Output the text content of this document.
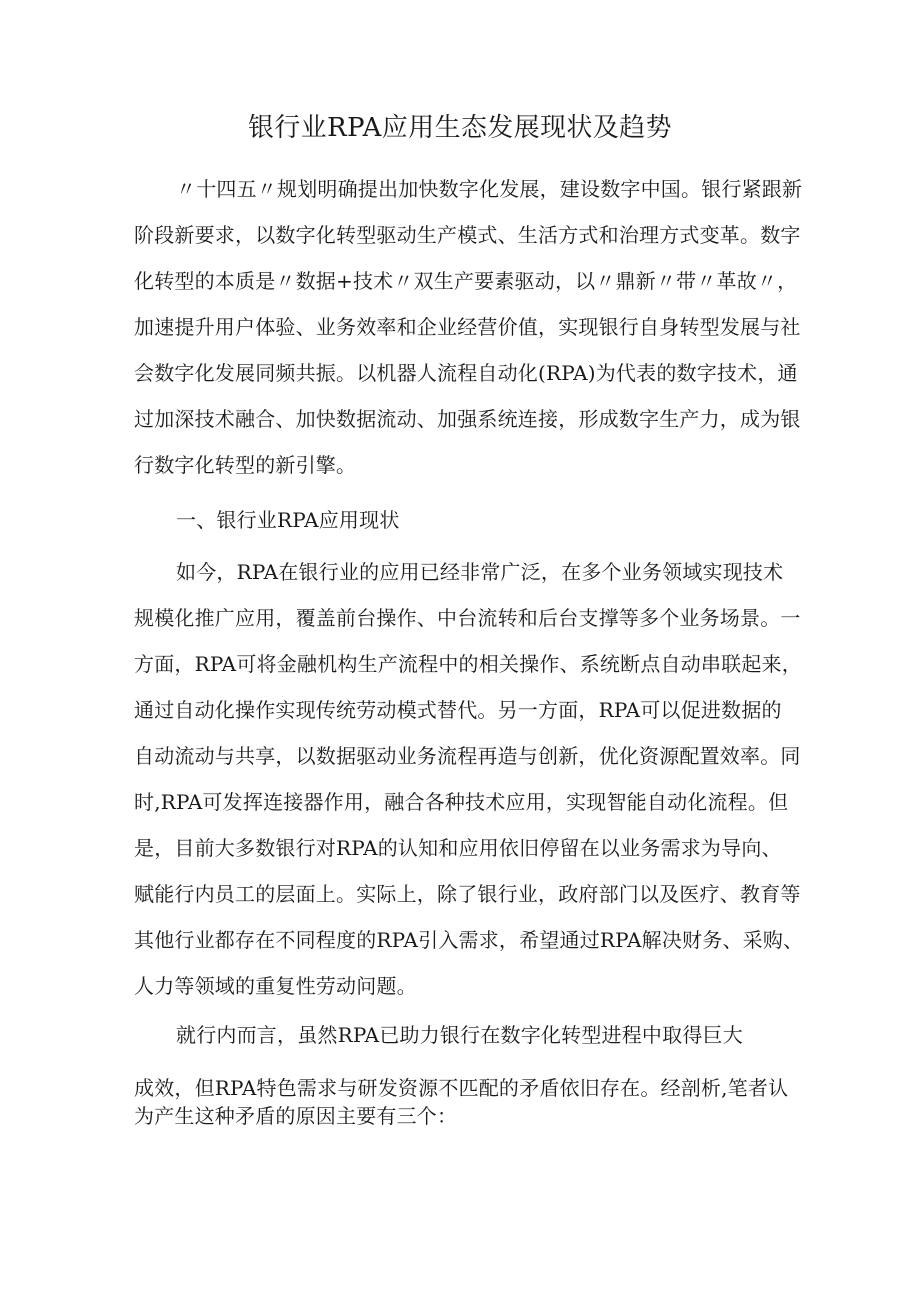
银行业RPA应用生态发展现状及趋势
〃十四五〃规划明确提出加快数字化发展，建设数字中国。银行紧跟新
阶段新要求，以数字化转型驱动生产模式、生活方式和治理方式变革。数字
化转型的本质是〃数据+技术〃双生产要素驱动，以〃鼎新〃带〃革故〃，
加速提升用户体验、业务效率和企业经营价值，实现银行自身转型发展与社
会数字化发展同频共振。以机器人流程自动化(RPA)为代表的数字技术，通
过加深技术融合、加快数据流动、加强系统连接，形成数字生产力，成为银
行数字化转型的新引擎。
一、银行业RPA应用现状
如今，RPA在银行业的应用已经非常广泛，在多个业务领域实现技术
规模化推广应用，覆盖前台操作、中台流转和后台支撑等多个业务场景。一
方面，RPA可将金融机构生产流程中的相关操作、系统断点自动串联起来，
通过自动化操作实现传统劳动模式替代。另一方面，RPA可以促进数据的
自动流动与共享，以数据驱动业务流程再造与创新，优化资源配置效率。同
时,RPA可发挥连接器作用，融合各种技术应用，实现智能自动化流程。但
是，目前大多数银行对RPA的认知和应用依旧停留在以业务需求为导向、
赋能行内员工的层面上。实际上，除了银行业，政府部门以及医疗、教育等
其他行业都存在不同程度的RPA引入需求，希望通过RPA解决财务、采购、
人力等领域的重复性劳动问题。
就行内而言，虽然RPA已助力银行在数字化转型进程中取得巨大
成效，但RPA特色需求与研发资源不匹配的矛盾依旧存在。经剖析,笔者认
为产生这种矛盾的原因主要有三个：
